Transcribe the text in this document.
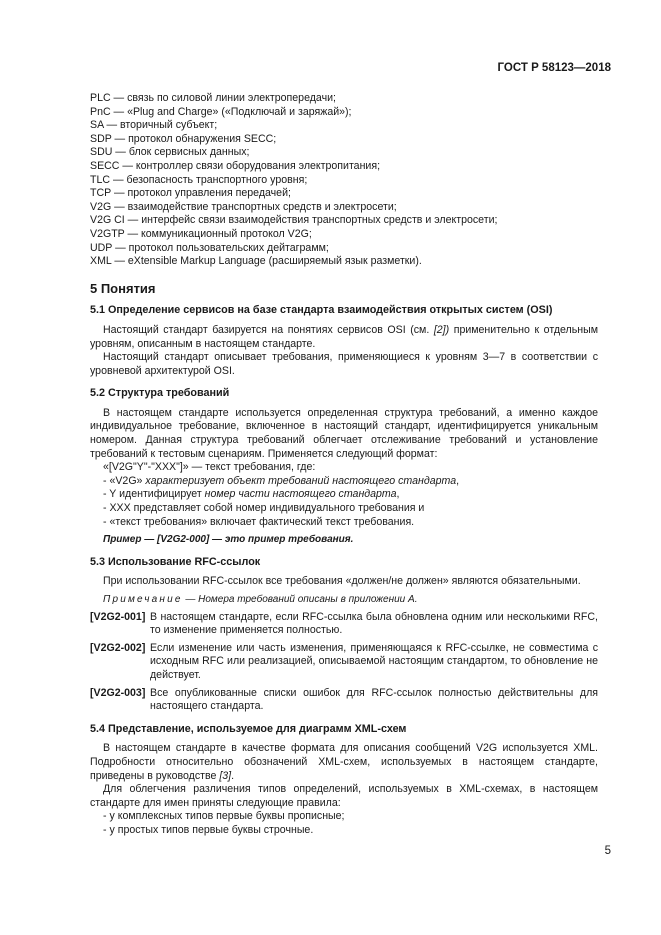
ГОСТ Р 58123—2018
PLC — связь по силовой линии электропередачи;
PnC — «Plug and Charge» («Подключай и заряжай»);
SA — вторичный субъект;
SDP — протокол обнаружения SECC;
SDU — блок сервисных данных;
SECC — контроллер связи оборудования электропитания;
TLC — безопасность транспортного уровня;
TCP — протокол управления передачей;
V2G — взаимодействие транспортных средств и электросети;
V2G CI — интерфейс связи взаимодействия транспортных средств и электросети;
V2GTP — коммуникационный протокол V2G;
UDP — протокол пользовательских дейтаграмм;
XML — eXtensible Markup Language (расширяемый язык разметки).
5 Понятия
5.1 Определение сервисов на базе стандарта взаимодействия открытых систем (OSI)
Настоящий стандарт базируется на понятиях сервисов OSI (см. [2]) применительно к отдельным уровням, описанным в настоящем стандарте.
Настоящий стандарт описывает требования, применяющиеся к уровням 3—7 в соответствии с уровневой архитектурой OSI.
5.2 Структура требований
В настоящем стандарте используется определенная структура требований, а именно каждое индивидуальное требование, включенное в настоящий стандарт, идентифицируется уникальным номером. Данная структура требований облегчает отслеживание требований и установление требований к тестовым сценариям. Применяется следующий формат:
«[V2G"Y"-"XXX"]» — текст требования, где:
- «V2G» характеризует объект требований настоящего стандарта,
- Y идентифицирует номер части настоящего стандарта,
- XXX представляет собой номер индивидуального требования и
- «текст требования» включает фактический текст требования.
Пример — [V2G2-000] — это пример требования.
5.3 Использование RFC-ссылок
При использовании RFC-ссылок все требования «должен/не должен» являются обязательными.
Примечание — Номера требований описаны в приложении А.
[V2G2-001] В настоящем стандарте, если RFC-ссылка была обновлена одним или несколькими RFC, то изменение применяется полностью.
[V2G2-002] Если изменение или часть изменения, применяющаяся к RFC-ссылке, не совместима с исходным RFC или реализацией, описываемой настоящим стандартом, то обновление не действует.
[V2G2-003] Все опубликованные списки ошибок для RFC-ссылок полностью действительны для настоящего стандарта.
5.4 Представление, используемое для диаграмм XML-схем
В настоящем стандарте в качестве формата для описания сообщений V2G используется XML. Подробности относительно обозначений XML-схем, используемых в настоящем стандарте, приведены в руководстве [3].
Для облегчения различения типов определений, используемых в XML-схемах, в настоящем стандарте для имен приняты следующие правила:
- у комплексных типов первые буквы прописные;
- у простых типов первые буквы строчные.
5
